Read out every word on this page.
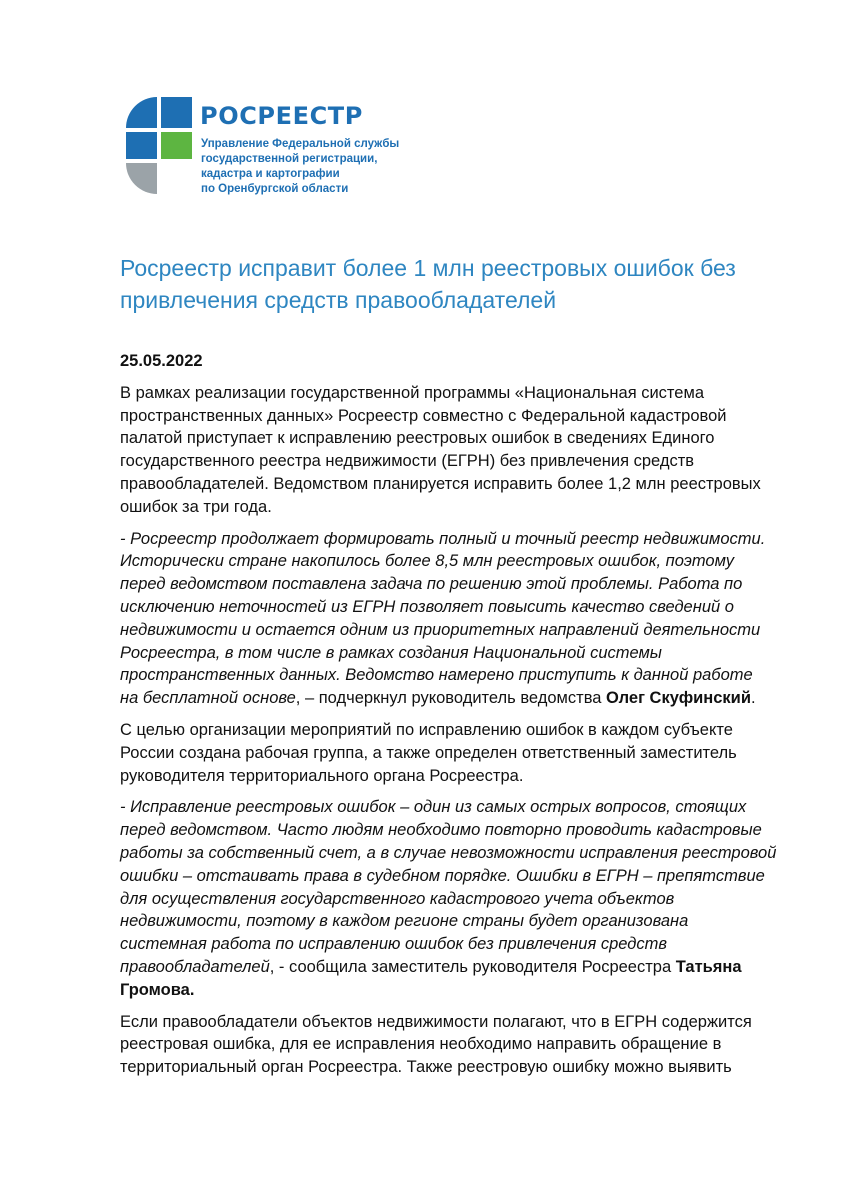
РОСРЕЕСТР
Управление Федеральной службы
государственной регистрации,
кадастра и картографии
по Оренбургской области
Росреестр исправит более 1 млн реестровых ошибок без
привлечения средств правообладателей
25.05.2022
В рамках реализации государственной программы «Национальная система
пространственных данных» Росреестр совместно с Федеральной кадастровой
палатой приступает к исправлению реестровых ошибок в сведениях Единого
государственного реестра недвижимости (ЕГРН) без привлечения средств
правообладателей. Ведомством планируется исправить более 1,2 млн реестровых
ошибок за три года.
- Росреестр продолжает формировать полный и точный реестр недвижимости.
Исторически стране накопилось более 8,5 млн реестровых ошибок, поэтому
перед ведомством поставлена задача по решению этой проблемы. Работа по
исключению неточностей из ЕГРН позволяет повысить качество сведений о
недвижимости и остается одним из приоритетных направлений деятельности
Росреестра, в том числе в рамках создания Национальной системы
пространственных данных. Ведомство намерено приступить к данной работе
на бесплатной основе, – подчеркнул руководитель ведомства Олег Скуфинский.
С целью организации мероприятий по исправлению ошибок в каждом субъекте
России создана рабочая группа, а также определен ответственный заместитель
руководителя территориального органа Росреестра.
- Исправление реестровых ошибок – один из самых острых вопросов, стоящих
перед ведомством. Часто людям необходимо повторно проводить кадастровые
работы за собственный счет, а в случае невозможности исправления реестровой
ошибки – отстаивать права в судебном порядке. Ошибки в ЕГРН – препятствие
для осуществления государственного кадастрового учета объектов
недвижимости, поэтому в каждом регионе страны будет организована
системная работа по исправлению ошибок без привлечения средств
правообладателей, - сообщила заместитель руководителя Росреестра Татьяна
Громова.
Если правообладатели объектов недвижимости полагают, что в ЕГРН содержится
реестровая ошибка, для ее исправления необходимо направить обращение в
территориальный орган Росреестра. Также реестровую ошибку можно выявить
